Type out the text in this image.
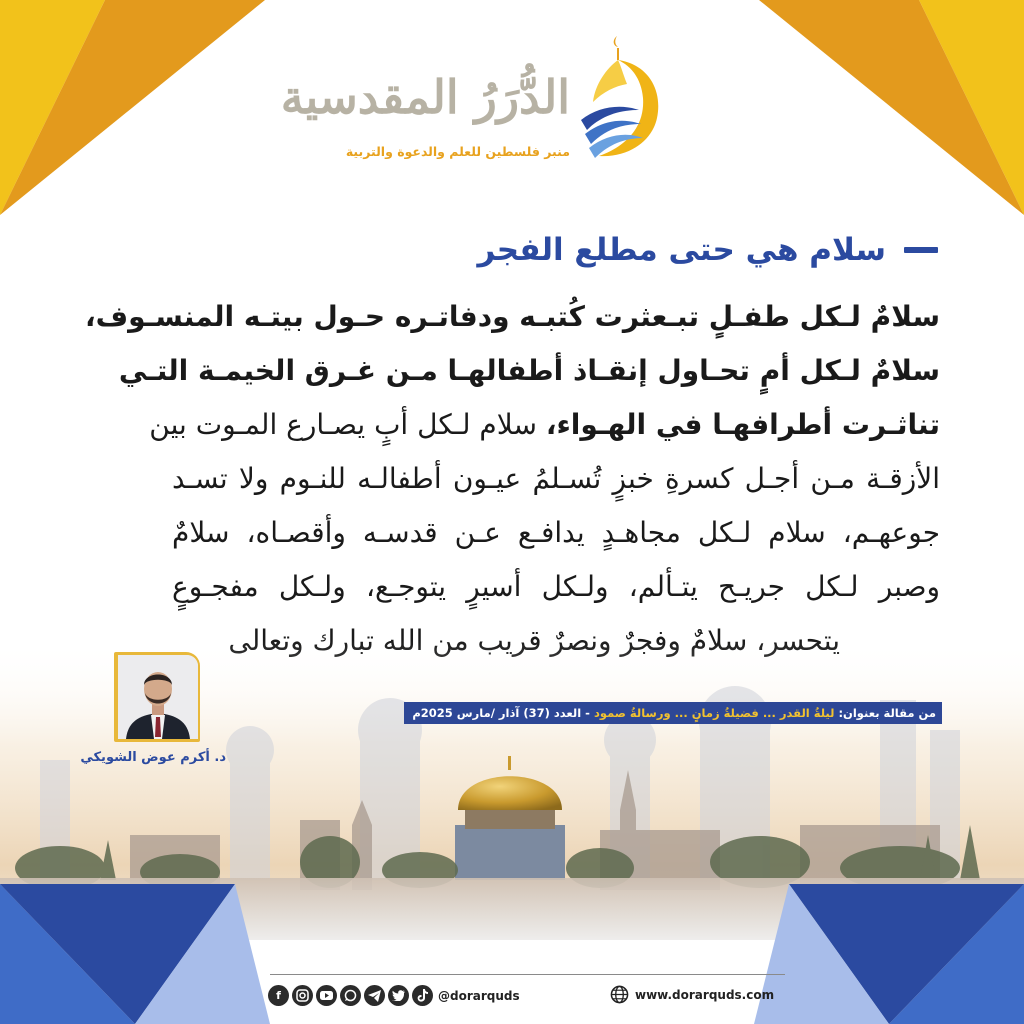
الدُّرَرُ المقدسية
منبر فلسطين للعلم والدعوة والتربية
سلام هي حتى مطلع الفجر
سلامٌ لـكل طفـلٍ تبـعثرت كُتبـه ودفاتـره حـول بيتـه المنسـوف،
سلامٌ لـكل أمٍ تحـاول إنقـاذ أطفالهـا مـن غـرق الخيمـة التـي
تناثـرت أطرافهـا في الهـواء، سلام لـكل أبٍ يصـارع المـوت بين
الأزقـة مـن أجـل كسرةِ خبزٍ تُسـلمُ عيـون أطفالـه للنـوم ولا تسـد
جوعهـم، سلام لـكل مجاهـدٍ يدافـع عـن قدسـه وأقصـاه، سلامٌ
وصبر لـكل جريـح يتـألم، ولـكل أسيرٍ يتوجـع، ولـكل مفجـوعٍ
د. أكرم عوض الشويكي
من مقالة بعنوان:

ليلةُ القدر ... فضيلةُ زمانٍ ... ورسالةُ صمود

- العدد (37) آذار /مارس 2025م
f	@dorarquds	www.dorarquds.com
